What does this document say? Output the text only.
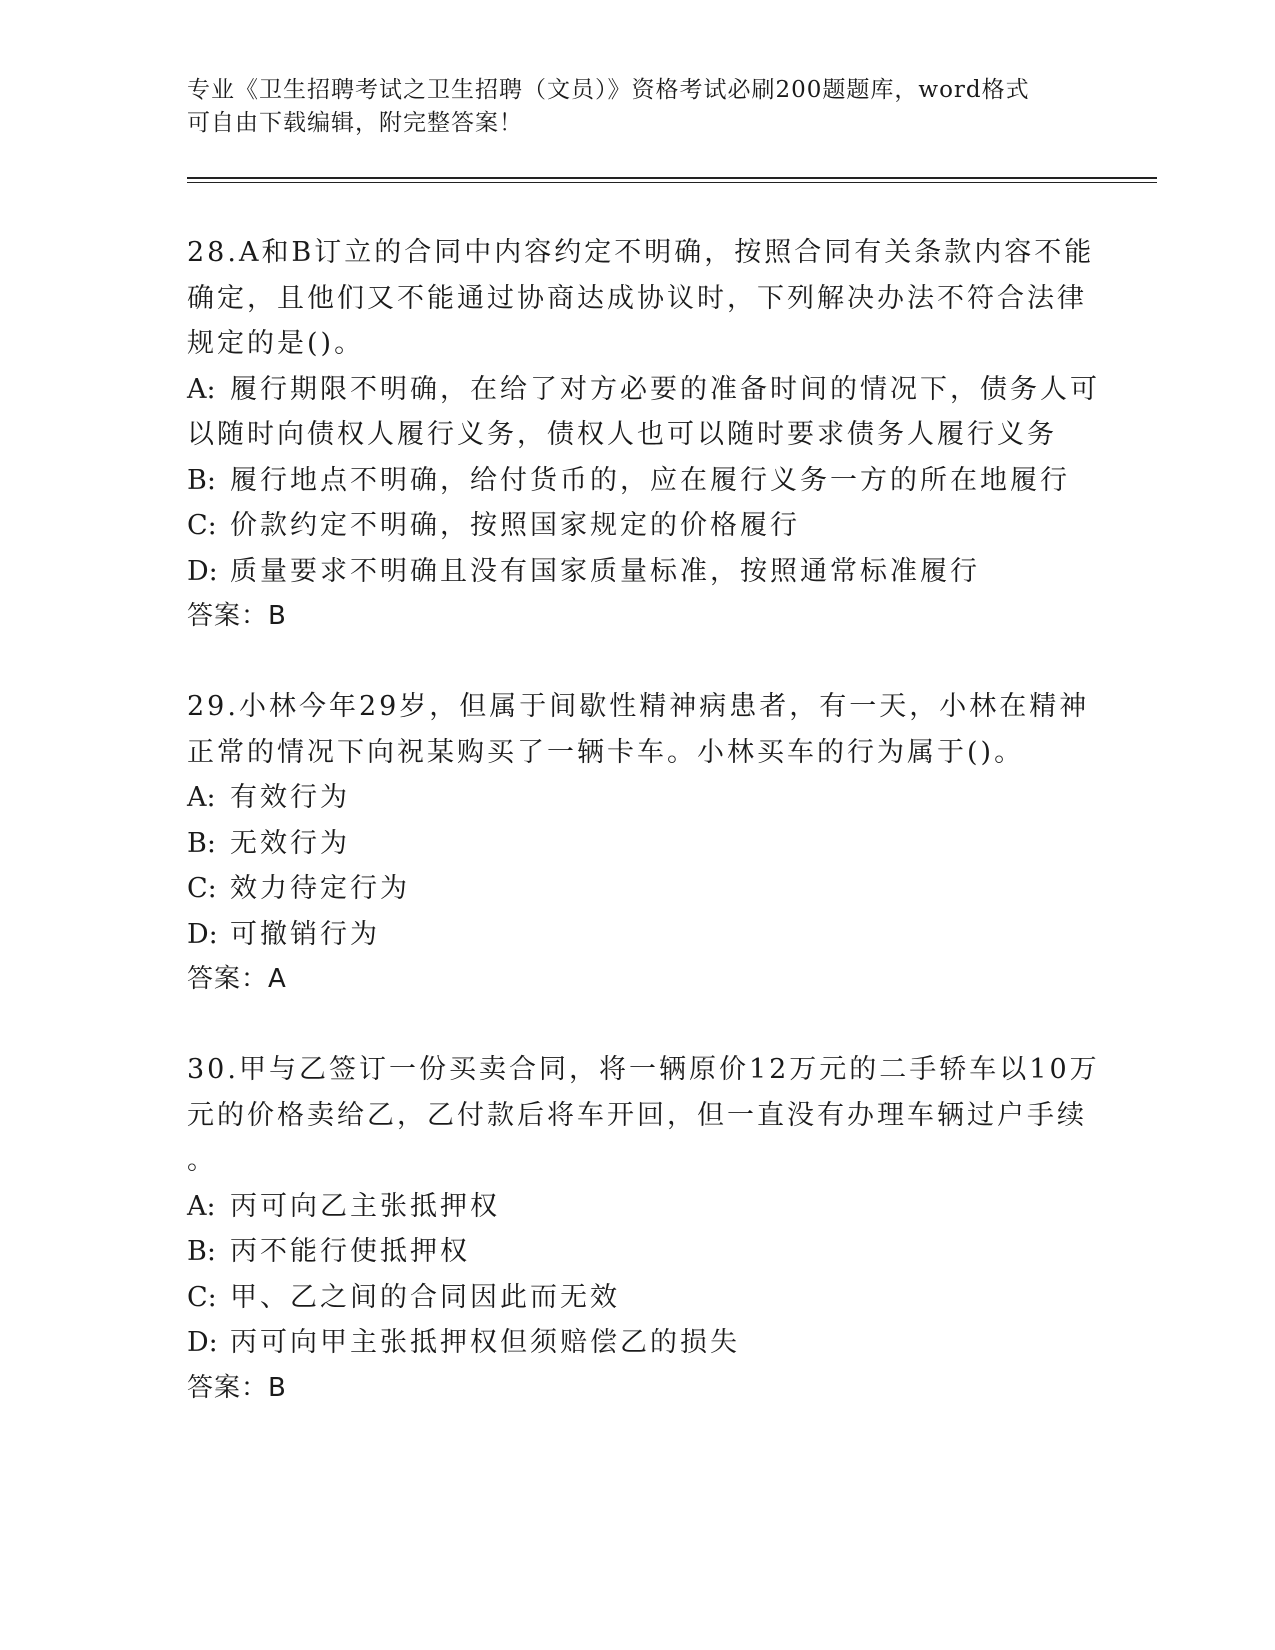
专业《卫生招聘考试之卫生招聘（文员）》资格考试必刷200题题库，word格式
可自由下载编辑，附完整答案！
28.A和B订立的合同中内容约定不明确，按照合同有关条款内容不能
确定，且他们又不能通过协商达成协议时，下列解决办法不符合法律
规定的是()。
A: 履行期限不明确，在给了对方必要的准备时间的情况下，债务人可
以随时向债权人履行义务，债权人也可以随时要求债务人履行义务
B: 履行地点不明确，给付货币的，应在履行义务一方的所在地履行
C: 价款约定不明确，按照国家规定的价格履行
D: 质量要求不明确且没有国家质量标准，按照通常标准履行
答案：B
29.小林今年29岁，但属于间歇性精神病患者，有一天，小林在精神
正常的情况下向祝某购买了一辆卡车。小林买车的行为属于()。
A: 有效行为
B: 无效行为
C: 效力待定行为
D: 可撤销行为
答案：A
30.甲与乙签订一份买卖合同，将一辆原价12万元的二手轿车以10万
元的价格卖给乙，乙付款后将车开回，但一直没有办理车辆过户手续
。
A: 丙可向乙主张抵押权
B: 丙不能行使抵押权
C: 甲、乙之间的合同因此而无效
D: 丙可向甲主张抵押权但须赔偿乙的损失
答案：B
